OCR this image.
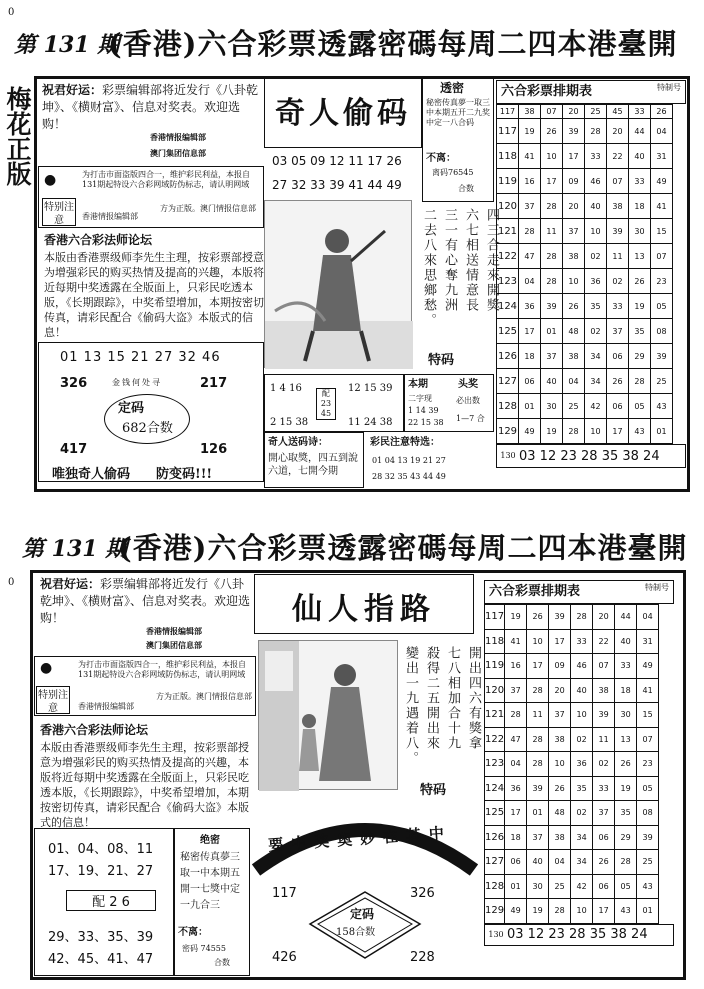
0
第 131 期
(香港)六合彩票透露密碼每周二四本港臺開
梅花正版 祝君好运：彩票编辑部将近发行《八卦乾坤》、《横财富》、信息对奖表。欢迎选购！
香港情报编辑部
澳门集团信息部
●
特别注意
为打击市面盗版四合一，维护彩民利益，本报自131期起特设六合彩网域防伪标志，请认明网域
香港情报编辑部
方为正版。澳门情报信息部
香港六合彩法师论坛
本版由香港票级师李先生主理，按彩票部授意为增强彩民的购买热情及提高的兴趣，本版将近每期中奖透露在全版面上，只彩民吃透本版，《长期跟踪》，中奖希望增加，本期按密切传真，请彩民配合《偷码大盗》本版式的信息！
01 13 15 21 27 32 46
326	217
417	126
金钱何处寻
定码
682合数
唯独奇人偷码　　防变码!!!
奇人偷码
03 05 09 12 11 17 26
27 32 33 39 41 44 49
四三合走來開獎
六七相送情意長
三一有心奪九洲
二去八來思鄉愁。
特码
透密
秘密传真夢一取三中本期五开二九奖中定一八合码
不离：
离码76545
合数
1 4 16
2 15 38
配23 45
12 15 39
11 24 38
本期
二字现
1 14 39
22 15 38
头奖
必出数
1—7 合
奇人送码诗：
開心取獎，四五到說六道，七開今期
彩民注意特选：
01 04 13 19 21 27
28 32 35 43 44 49
六合彩票排期表	特制号
117	38	07	20	25	45	33	26
117	19	26	39	28	20	44	04
118	41	10	17	33	22	40	31
119	16	17	09	46	07	33	49
120	37	28	20	40	38	18	41
121	28	11	37	10	39	30	15
122	47	28	38	02	11	13	07
123	04	28	10	36	02	26	23
124	36	39	26	35	33	19	05
125	17	01	48	02	37	35	08
126	18	37	38	34	06	29	39
127	06	40	04	34	26	28	25
128	01	30	25	42	06	05	43
129	49	19	28	10	17	43	01
130 03 12 23 28 35 38 24
0
第 131 期
(香港)六合彩票透露密碼每周二四本港臺開
祝君好运：彩票编辑部将近发行《八卦乾坤》、《横财富》、信息对奖表。欢迎选购！
香港情报编辑部
澳门集团信息部
●
特别注意
为打击市面盗版四合一，维护彩民利益，本报自131期起特设六合彩网域防伪标志，请认明网域
香港情报编辑部
方为正版。澳门情报信息部
香港六合彩法师论坛
本版由香港票级师李先生主理，按彩票部授意为增强彩民的购买热情及提高的兴趣，本版将近每期中奖透露在全版面上，只彩民吃透本版，《长期跟踪》，中奖希望增加，本期按密切传真，请彩民配合《偷码大盗》本版式的信息！
01、04、08、11
17、19、21、27
配 2 6
29、33、35、39
42、45、41、47
绝密
秘密传真夢三取一中本期五開一七獎中定一九合三
不离：
密码 74555
合数
仙人指路
開出四六有獎拿
七八相加合十九
殺得二五開出來
變出一九遇着八。
特码
要中奖奥妙在其中
117	326
426	228
定码
158合数
六合彩票排期表	特制号
117	19	26	39	28	20	44	04
118	41	10	17	33	22	40	31
119	16	17	09	46	07	33	49
120	37	28	20	40	38	18	41
121	28	11	37	10	39	30	15
122	47	28	38	02	11	13	07
123	04	28	10	36	02	26	23
124	36	39	26	35	33	19	05
125	17	01	48	02	37	35	08
126	18	37	38	34	06	29	39
127	06	40	04	34	26	28	25
128	01	30	25	42	06	05	43
129	49	19	28	10	17	43	01
130 03 12 23 28 35 38 24
